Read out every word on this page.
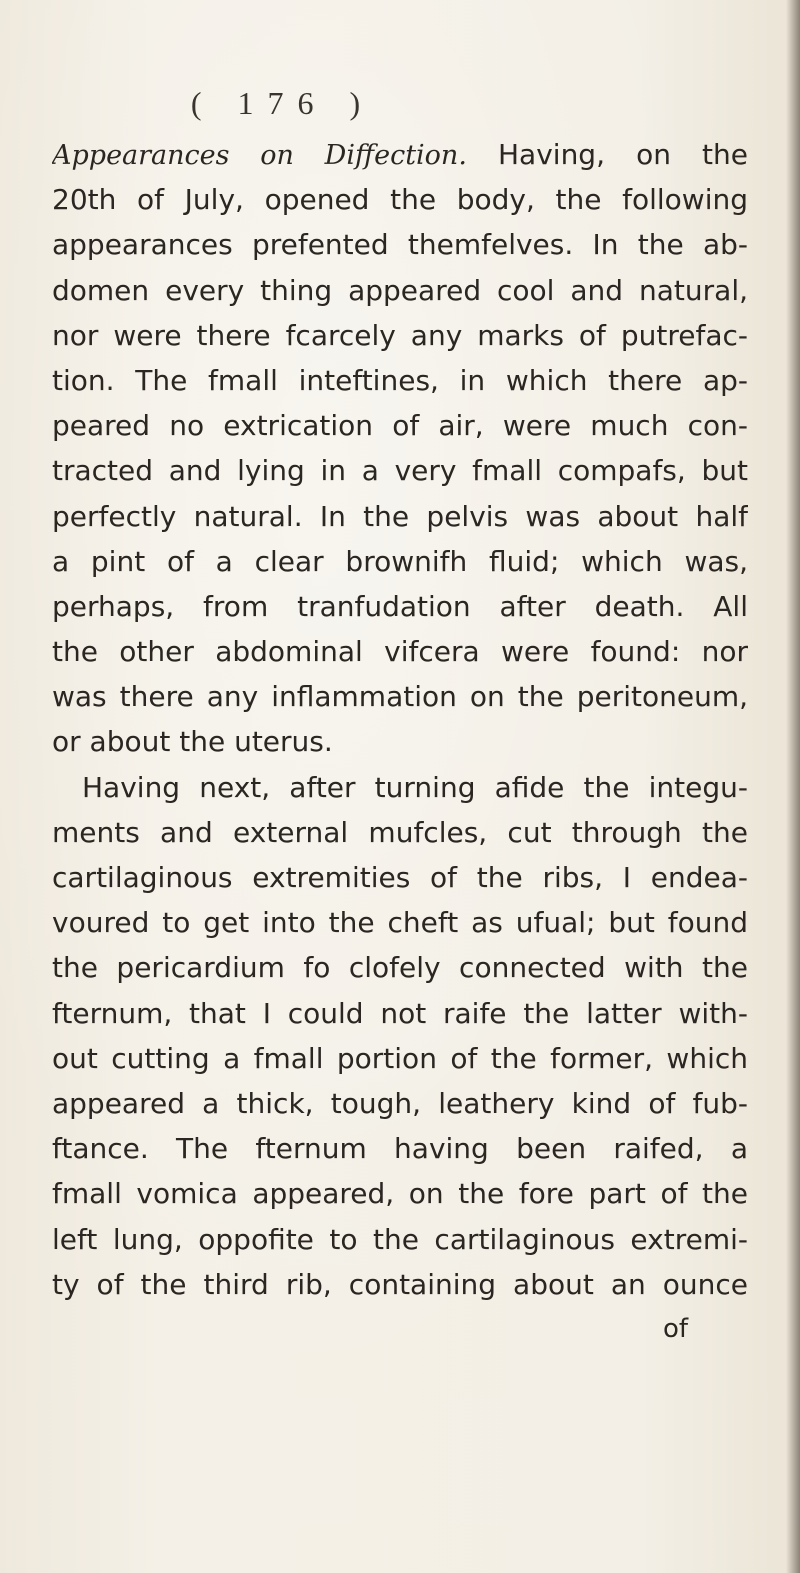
( 176 )
Appearances on Diffection. Having, on the
20th of July, opened the body, the following
appearances prefented themfelves. In the ab-
domen every thing appeared cool and natural,
nor were there fcarcely any marks of putrefac-
tion. The fmall inteftines, in which there ap-
peared no extrication of air, were much con-
tracted and lying in a very fmall compafs, but
perfectly natural. In the pelvis was about half
a pint of a clear brownifh fluid; which was,
perhaps, from tranfudation after death. All
the other abdominal vifcera were found: nor
was there any inflammation on the peritoneum,
or about the uterus.
Having next, after turning afide the integu-
ments and external mufcles, cut through the
cartilaginous extremities of the ribs, I endea-
voured to get into the cheft as ufual; but found
the pericardium fo clofely connected with the
fternum, that I could not raife the latter with-
out cutting a fmall portion of the former, which
appeared a thick, tough, leathery kind of fub-
ftance. The fternum having been raifed, a
fmall vomica appeared, on the fore part of the
left lung, oppofite to the cartilaginous extremi-
ty of the third rib, containing about an ounce
of
